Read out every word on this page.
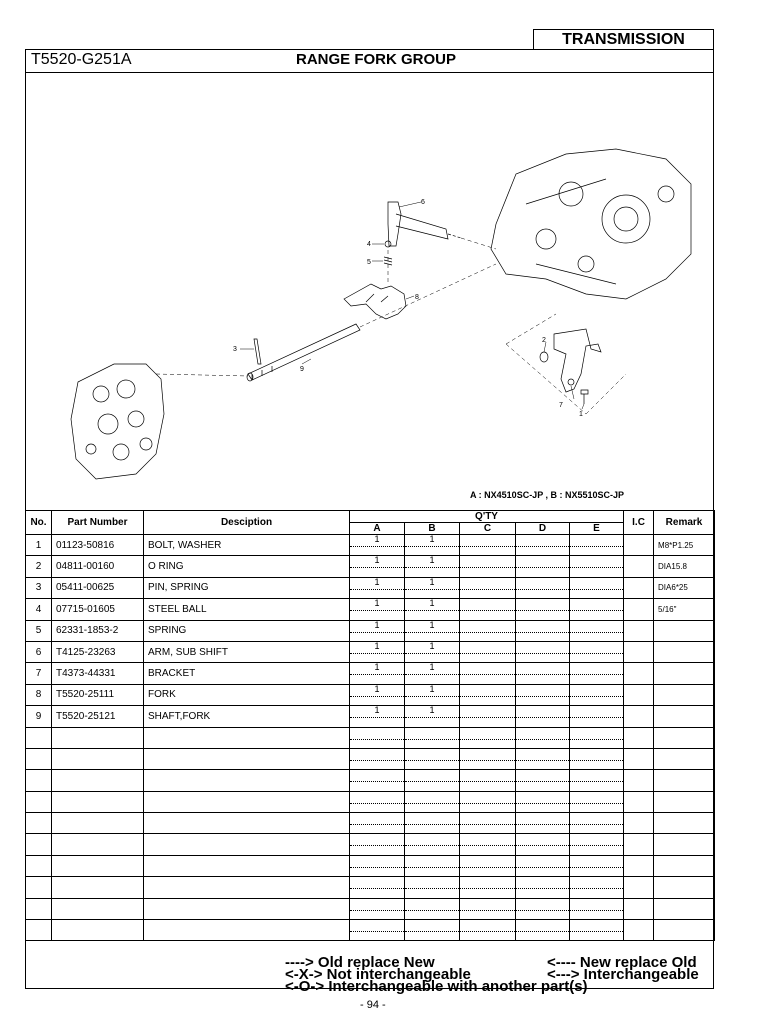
TRANSMISSION
T5520-G251A	RANGE FORK GROUP
6
4
5
8
3
9
2
7
1
A : NX4510SC-JP , B : NX5510SC-JP
No.	Part Number	Desciption	Q'TY					I.C	Remark
			A	B	C	D	E		
1	01123-50816	BOLT, WASHER	1	1					M8*P1.25
2	04811-00160	O RING	1	1					DIA15.8
3	05411-00625	PIN, SPRING	1	1					DIA6*25
4	07715-01605	STEEL BALL	1	1					5/16"
5	62331-1853-2	SPRING	1	1					

6	T4125-23263	ARM, SUB SHIFT	1	1					

7	T4373-44331	BRACKET	1	1					

8	T5520-25111	FORK	1	1					

9	T5520-25121	SHAFT,FORK	1	1					

----> Old replace New	<---- New replace Old
<-X-> Not interchangeable	<---> Interchangeable
<-O-> Interchangeable with another part(s)
- 94 -
